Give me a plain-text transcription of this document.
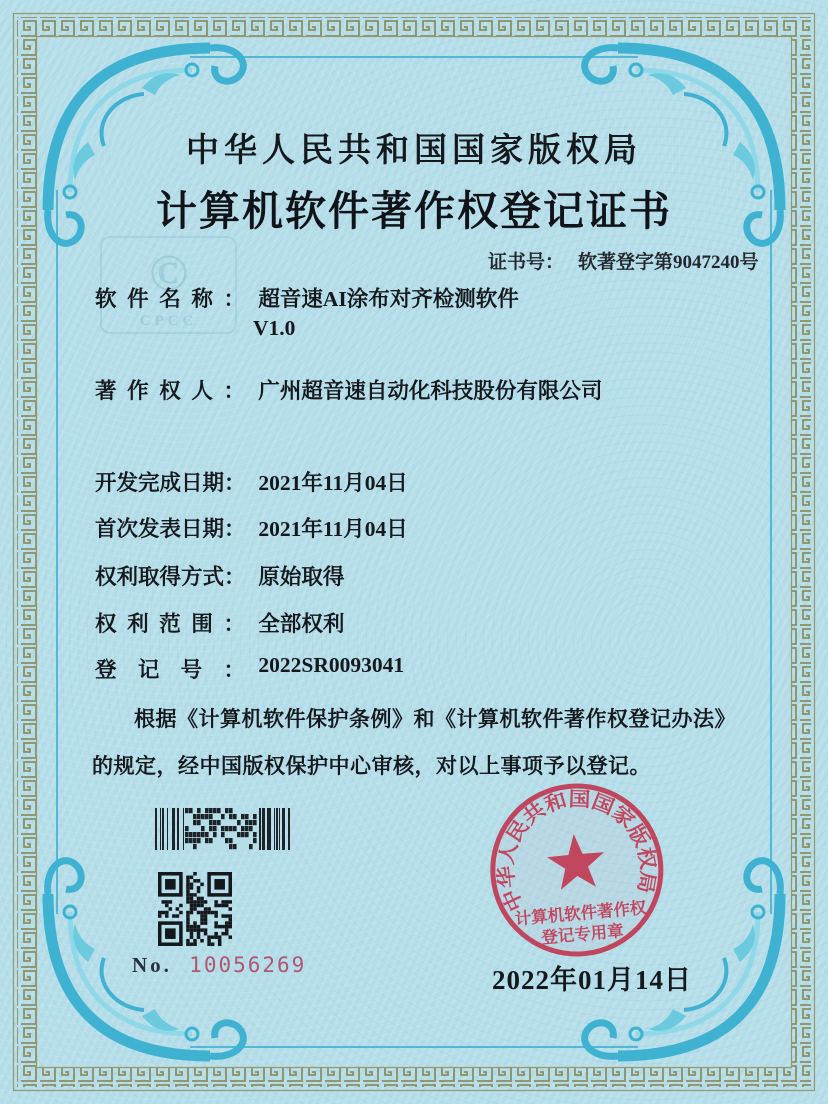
©
CPCC
中华人民共和国国家版权局
计算机软件著作权登记证书
证书号： 软著登字第9047240号
软件名称： 超音速AI涂布对齐检测软件
V1.0
著作权人： 广州超音速自动化科技股份有限公司
开发完成日期： 2021年11月04日
首次发表日期： 2021年11月04日
权利取得方式： 原始取得
权利范围： 全部权利
登记号： 2022SR0093041
根据《计算机软件保护条例》和《计算机软件著作权登记办法》的规定，经中国版权保护中心审核，对以上事项予以登记。
No. 10056269
中华人民共和国国家版权局
计算机软件著作权
登记专用章
2022年01月14日
